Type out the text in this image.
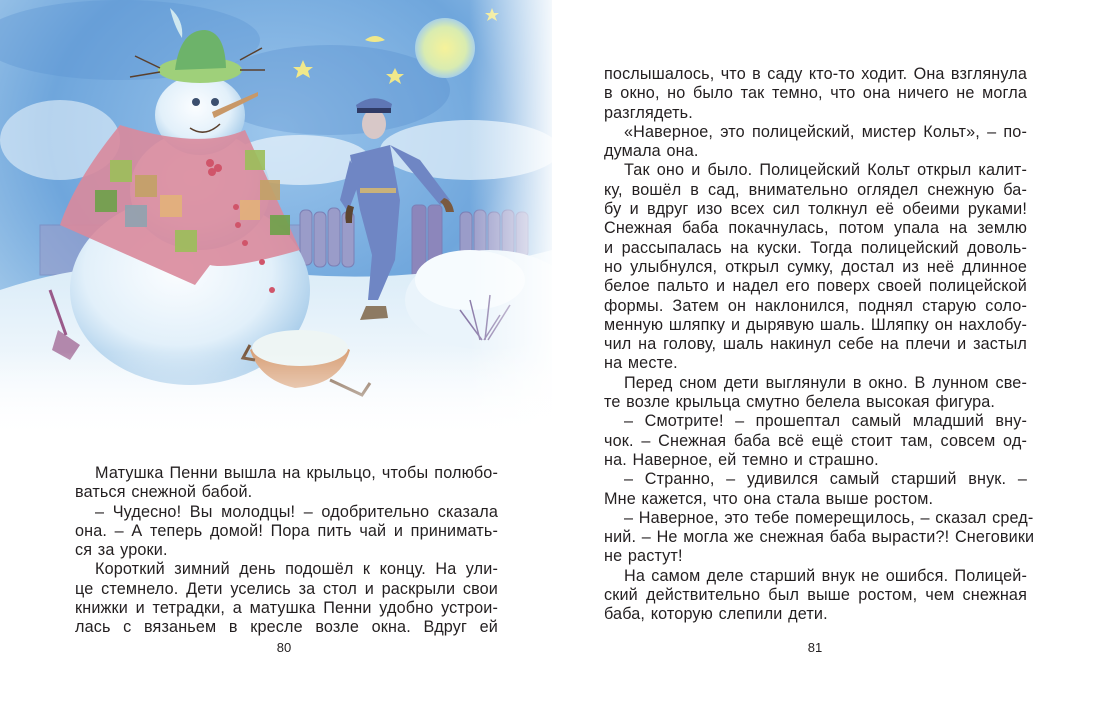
Матушка Пенни вышла на крыльцо, чтобы полюбо-
ваться снежной бабой.
– Чудесно! Вы молодцы! – одобрительно сказала
она. – А теперь домой! Пора пить чай и принимать-
ся за уроки.
Короткий зимний день подошёл к концу. На ули-
це стемнело. Дети уселись за стол и раскрыли свои
книжки и тетрадки, а матушка Пенни удобно устрои-
лась с вязаньем в кресле возле окна. Вдруг ей
80
послышалось, что в саду кто-то ходит. Она взглянула
в окно, но было так темно, что она ничего не могла
разглядеть.
«Наверное, это полицейский, мистер Кольт», – по-
думала она.
Так оно и было. Полицейский Кольт открыл калит-
ку, вошёл в сад, внимательно оглядел снежную ба-
бу и вдруг изо всех сил толкнул её обеими руками!
Снежная баба покачнулась, потом упала на землю
и рассыпалась на куски. Тогда полицейский доволь-
но улыбнулся, открыл сумку, достал из неё длинное
белое пальто и надел его поверх своей полицейской
формы. Затем он наклонился, поднял старую соло-
менную шляпку и дырявую шаль. Шляпку он нахлобу-
чил на голову, шаль накинул себе на плечи и застыл
на месте.
Перед сном дети выглянули в окно. В лунном све-
те возле крыльца смутно белела высокая фигура.
– Смотрите! – прошептал самый младший вну-
чок. – Снежная баба всё ещё стоит там, совсем од-
на. Наверное, ей темно и страшно.
– Странно, – удивился самый старший внук. –
Мне кажется, что она стала выше ростом.
– Наверное, это тебе померещилось, – сказал сред-
ний. – Не могла же снежная баба вырасти?! Снеговики
не растут!
На самом деле старший внук не ошибся. Полицей-
ский действительно был выше ростом, чем снежная
баба, которую слепили дети.
81
